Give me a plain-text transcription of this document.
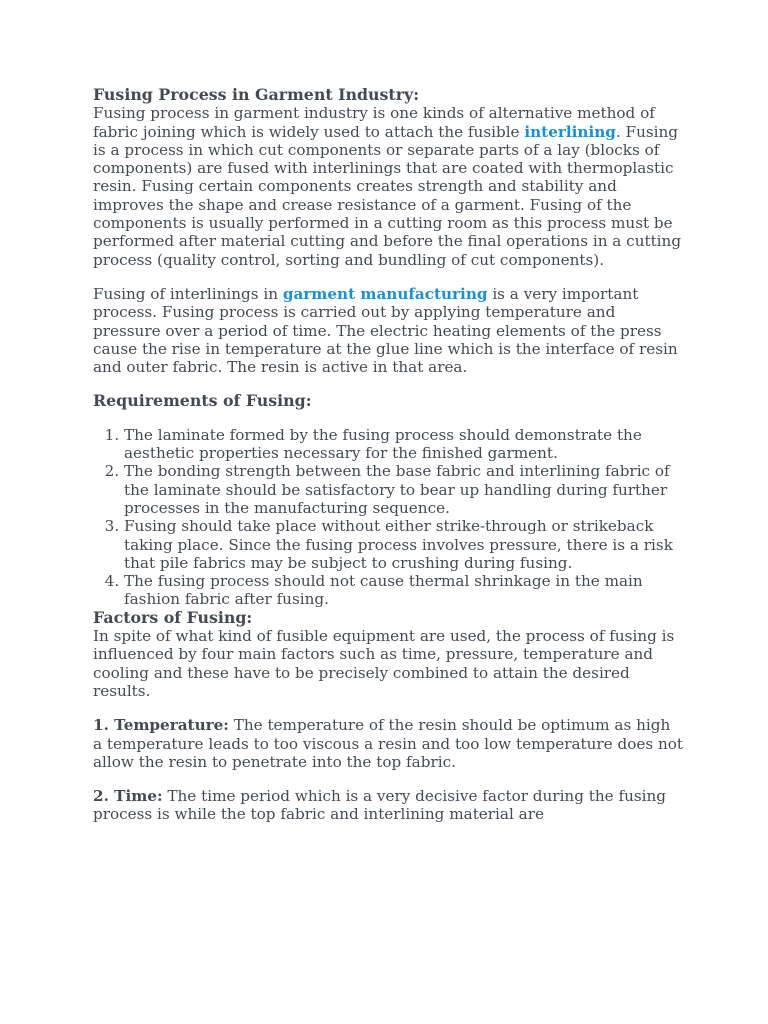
Fusing Process in Garment Industry:

Fusing process in garment industry is one kinds of alternative method of fabric joining which is widely used to attach the fusible interlining. Fusing is a process in which cut components or separate parts of a lay (blocks of components) are fused with interlinings that are coated with thermoplastic resin. Fusing certain components creates strength and stability and improves the shape and crease resistance of a garment. Fusing of the components is usually performed in a cutting room as this process must be performed after material cutting and before the final operations in a cutting process (quality control, sorting and bundling of cut components).

Fusing of interlinings in garment manufacturing is a very important process. Fusing process is carried out by applying temperature and pressure over a period of time. The electric heating elements of the press cause the rise in temperature at the glue line which is the interface of resin and outer fabric. The resin is active in that area.

Requirements of Fusing:
1. The laminate formed by the fusing process should demonstrate the aesthetic properties necessary for the finished garment.
2. The bonding strength between the base fabric and interlining fabric of the laminate should be satisfactory to bear up handling during further processes in the manufacturing sequence.
3. Fusing should take place without either strike-through or strikeback taking place. Since the fusing process involves pressure, there is a risk that pile fabrics may be subject to crushing during fusing.
4. The fusing process should not cause thermal shrinkage in the main fashion fabric after fusing.
Factors of Fusing:

In spite of what kind of fusible equipment are used, the process of fusing is influenced by four main factors such as time, pressure, temperature and cooling and these have to be precisely combined to attain the desired results.

1. Temperature: The temperature of the resin should be optimum as high a temperature leads to too viscous a resin and too low temperature does not allow the resin to penetrate into the top fabric.

2. Time: The time period which is a very decisive factor during the fusing process is while the top fabric and interlining material are
